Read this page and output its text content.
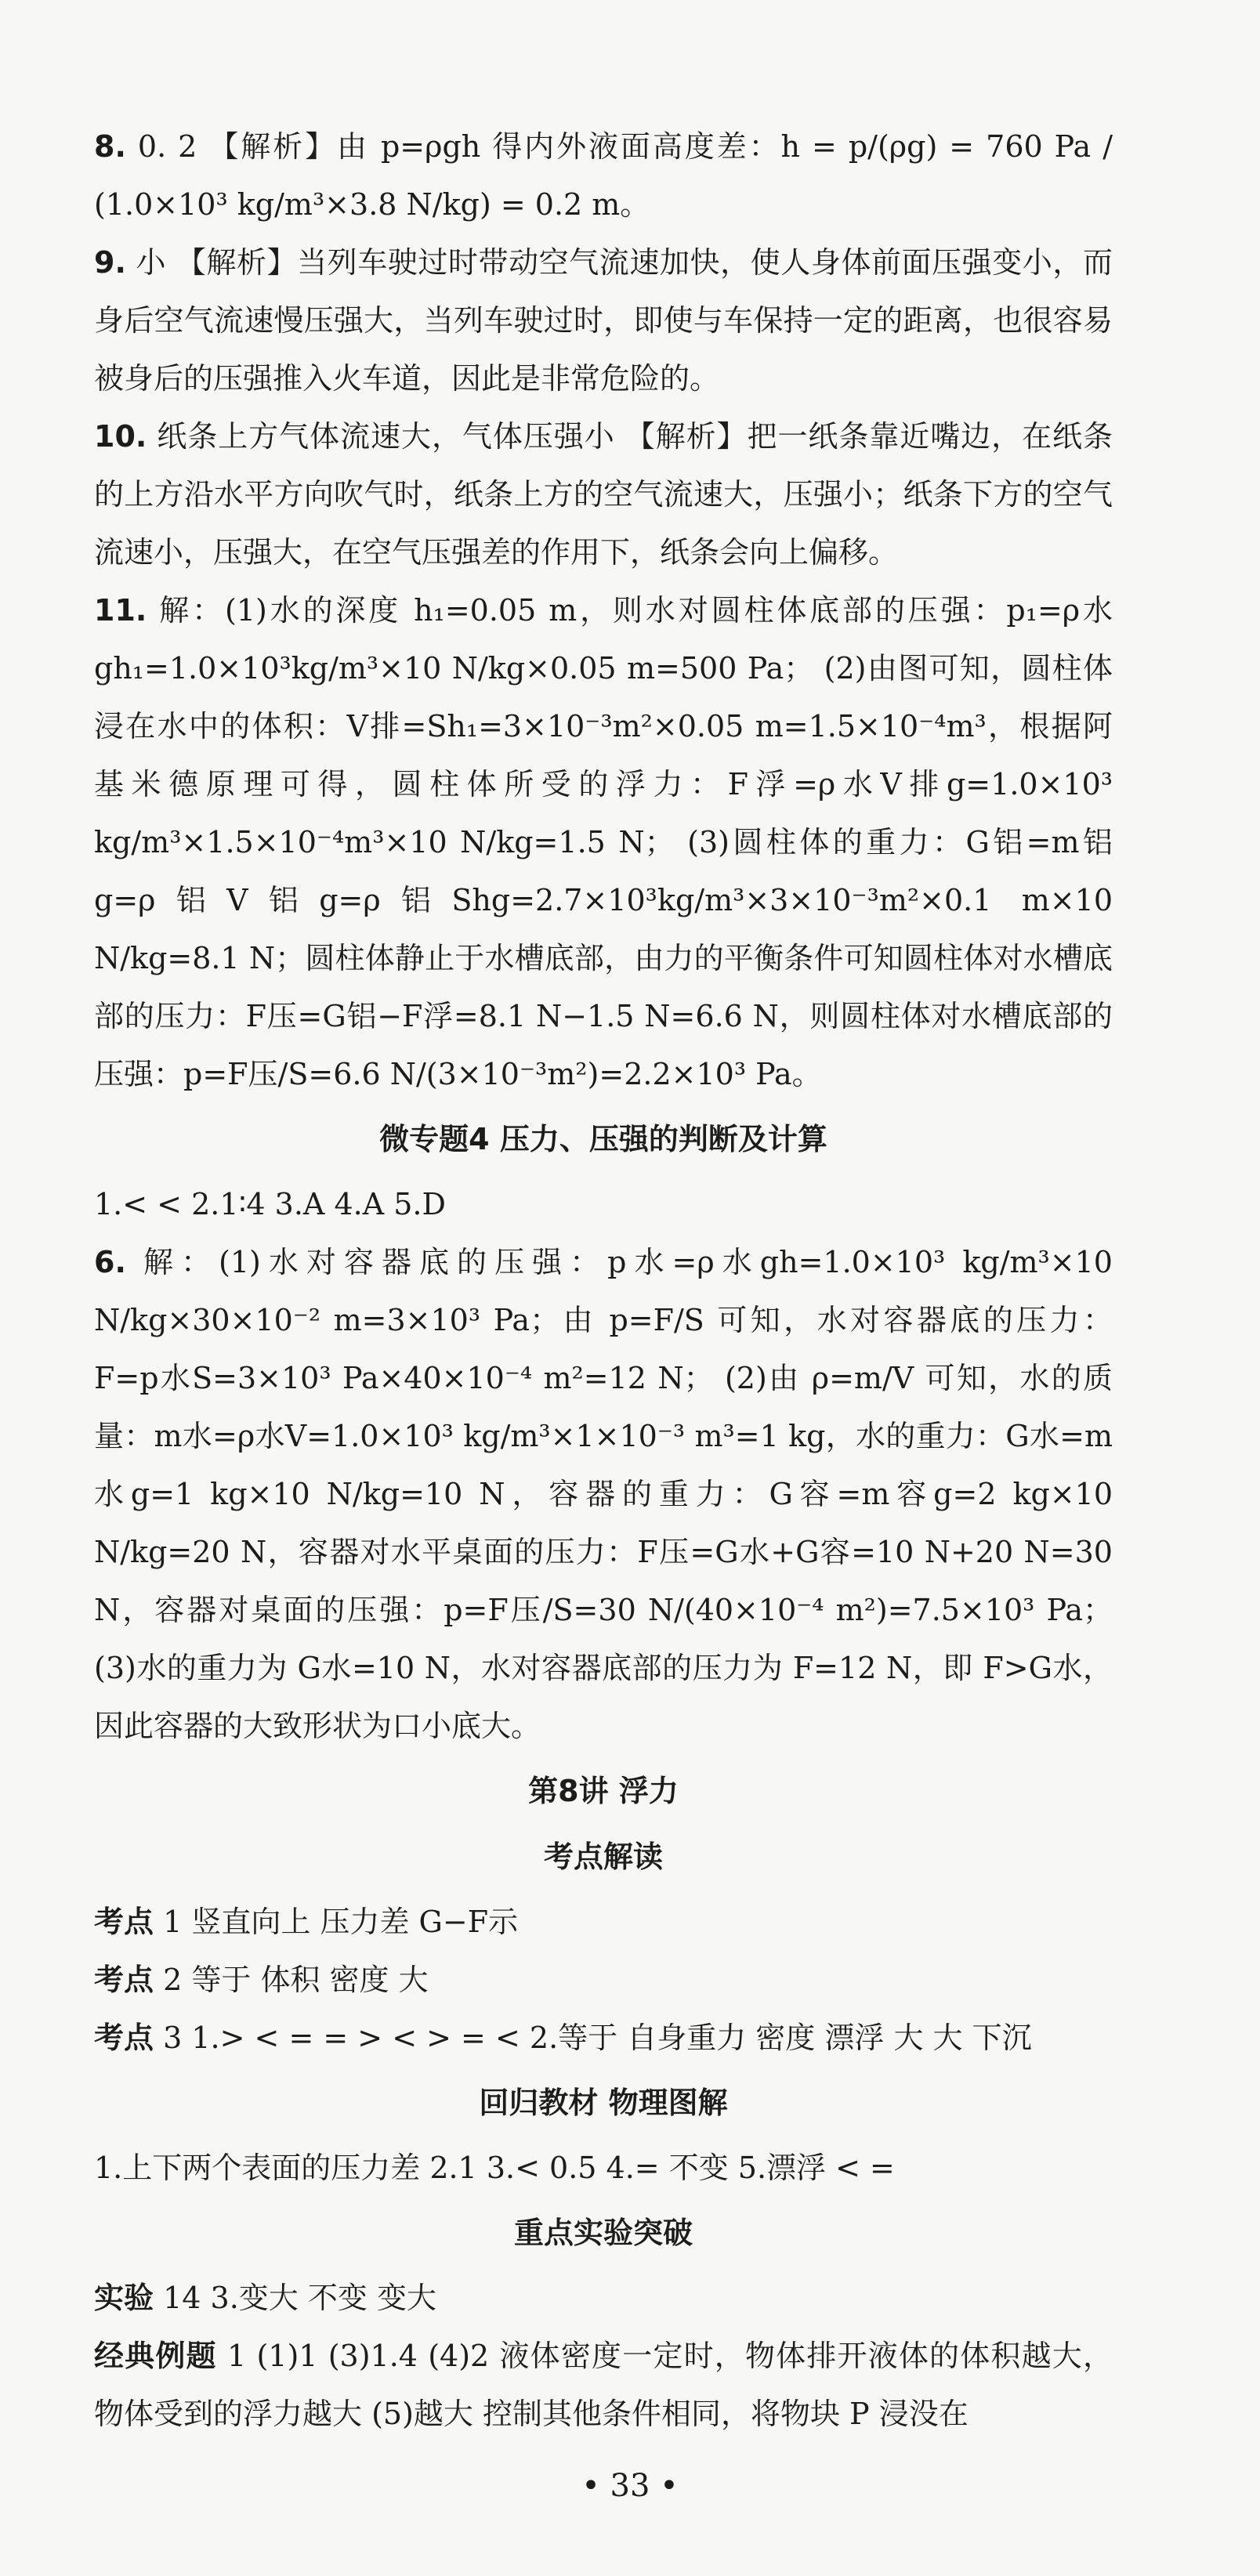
8. 0. 2 【解析】由 p=ρgh 得内外液面高度差：h = p/(ρg) = 760 Pa / (1.0×10³ kg/m³×3.8 N/kg) = 0.2 m。

9. 小 【解析】当列车驶过时带动空气流速加快，使人身体前面压强变小，而身后空气流速慢压强大，当列车驶过时，即使与车保持一定的距离，也很容易被身后的压强推入火车道，因此是非常危险的。

10. 纸条上方气体流速大，气体压强小 【解析】把一纸条靠近嘴边，在纸条的上方沿水平方向吹气时，纸条上方的空气流速大，压强小；纸条下方的空气流速小，压强大，在空气压强差的作用下，纸条会向上偏移。

11. 解：(1)水的深度 h₁=0.05 m，则水对圆柱体底部的压强：p₁=ρ水gh₁=1.0×10³kg/m³×10 N/kg×0.05 m=500 Pa； (2)由图可知，圆柱体浸在水中的体积：V排=Sh₁=3×10⁻³m²×0.05 m=1.5×10⁻⁴m³，根据阿基米德原理可得，圆柱体所受的浮力：F浮=ρ水V排g=1.0×10³ kg/m³×1.5×10⁻⁴m³×10 N/kg=1.5 N； (3)圆柱体的重力：G铝=m铝g=ρ铝V铝g=ρ铝Shg=2.7×10³kg/m³×3×10⁻³m²×0.1 m×10 N/kg=8.1 N；圆柱体静止于水槽底部，由力的平衡条件可知圆柱体对水槽底部的压力：F压=G铝−F浮=8.1 N−1.5 N=6.6 N，则圆柱体对水槽底部的压强：p=F压/S=6.6 N/(3×10⁻³m²)=2.2×10³ Pa。

微专题4 压力、压强的判断及计算

1.< < 2.1∶4 3.A 4.A 5.D

6. 解：(1)水对容器底的压强：p水=ρ水gh=1.0×10³ kg/m³×10 N/kg×30×10⁻² m=3×10³ Pa；由 p=F/S 可知，水对容器底的压力：F=p水S=3×10³ Pa×40×10⁻⁴ m²=12 N； (2)由 ρ=m/V 可知，水的质量：m水=ρ水V=1.0×10³ kg/m³×1×10⁻³ m³=1 kg，水的重力：G水=m水g=1 kg×10 N/kg=10 N，容器的重力：G容=m容g=2 kg×10 N/kg=20 N，容器对水平桌面的压力：F压=G水+G容=10 N+20 N=30 N，容器对桌面的压强：p=F压/S=30 N/(40×10⁻⁴ m²)=7.5×10³ Pa； (3)水的重力为 G水=10 N，水对容器底部的压力为 F=12 N，即 F>G水，因此容器的大致形状为口小底大。

第8讲 浮力
考点解读

考点 1 竖直向上 压力差 G−F示

考点 2 等于 体积 密度 大

考点 3 1.> < = = > < > = < 2.等于 自身重力 密度 漂浮 大 大 下沉

回归教材 物理图解

1.上下两个表面的压力差 2.1 3.< 0.5 4.= 不变 5.漂浮 < =

重点实验突破

实验 14 3.变大 不变 变大

经典例题 1 (1)1 (3)1.4 (4)2 液体密度一定时，物体排开液体的体积越大，物体受到的浮力越大 (5)越大 控制其他条件相同，将物块 P 浸没在

• 33 •
